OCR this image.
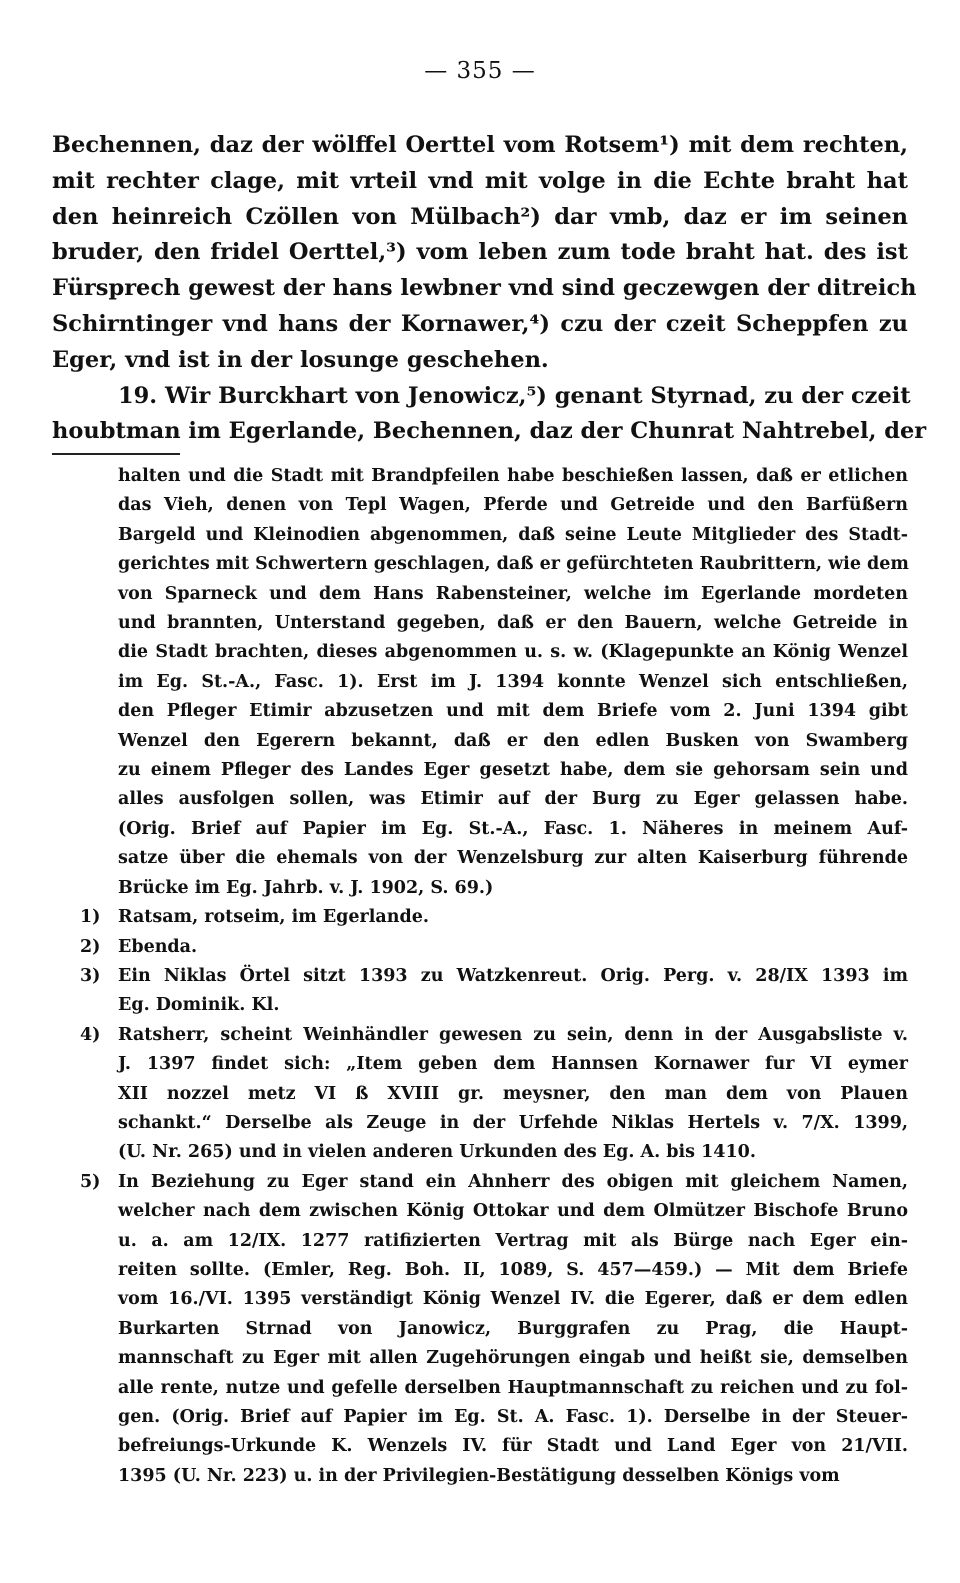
— 355 —
Bechennen, daz der wölffel Oerttel vom Rotsem¹) mit dem rechten,
mit rechter clage, mit vrteil vnd mit volge in die Echte braht hat
den heinreich Czöllen von Mülbach²) dar vmb, daz er im seinen
bruder, den fridel Oerttel,³) vom leben zum tode braht hat. des ist
Fürsprech gewest der hans lewbner vnd sind geczewgen der ditreich
Schirntinger vnd hans der Kornawer,⁴) czu der czeit Scheppfen zu
Eger, vnd ist in der losunge geschehen.
19. Wir Burckhart von Jenowicz,⁵) genant Styrnad, zu der czeit
houbtman im Egerlande, Bechennen, daz der Chunrat Nahtrebel, der
halten und die Stadt mit Brandpfeilen habe beschießen lassen, daß er etlichen
das Vieh, denen von Tepl Wagen, Pferde und Getreide und den Barfüßern
Bargeld und Kleinodien abgenommen, daß seine Leute Mitglieder des Stadt-
gerichtes mit Schwertern geschlagen, daß er gefürchteten Raubrittern, wie dem
von Sparneck und dem Hans Rabensteiner, welche im Egerlande mordeten
und brannten, Unterstand gegeben, daß er den Bauern, welche Getreide in
die Stadt brachten, dieses abgenommen u. s. w. (Klagepunkte an König Wenzel
im Eg. St.-A., Fasc. 1). Erst im J. 1394 konnte Wenzel sich entschließen,
den Pfleger Etimir abzusetzen und mit dem Briefe vom 2. Juni 1394 gibt
Wenzel den Egerern bekannt, daß er den edlen Busken von Swamberg
zu einem Pfleger des Landes Eger gesetzt habe, dem sie gehorsam sein und
alles ausfolgen sollen, was Etimir auf der Burg zu Eger gelassen habe.
(Orig. Brief auf Papier im Eg. St.-A., Fasc. 1. Näheres in meinem Auf-
satze über die ehemals von der Wenzelsburg zur alten Kaiserburg führende
Brücke im Eg. Jahrb. v. J. 1902, S. 69.)
1)	Ratsam, rotseim, im Egerlande.
2)	Ebenda.
3)	Ein Niklas Örtel sitzt 1393 zu Watzkenreut. Orig. Perg. v. 28/IX 1393 im
Eg. Dominik. Kl.
4)	Ratsherr, scheint Weinhändler gewesen zu sein, denn in der Ausgabsliste v.
J. 1397 findet sich: „Item geben dem Hannsen Kornawer fur VI eymer
XII nozzel metz VI ß XVIII gr. meysner, den man dem von Plauen
schankt.“ Derselbe als Zeuge in der Urfehde Niklas Hertels v. 7/X. 1399,
(U. Nr. 265) und in vielen anderen Urkunden des Eg. A. bis 1410.
5)	In Beziehung zu Eger stand ein Ahnherr des obigen mit gleichem Namen,
welcher nach dem zwischen König Ottokar und dem Olmützer Bischofe Bruno
u. a. am 12/IX. 1277 ratifizierten Vertrag mit als Bürge nach Eger ein-
reiten sollte. (Emler, Reg. Boh. II, 1089, S. 457—459.) — Mit dem Briefe
vom 16./VI. 1395 verständigt König Wenzel IV. die Egerer, daß er dem edlen
Burkarten Strnad von Janowicz, Burggrafen zu Prag, die Haupt-
mannschaft zu Eger mit allen Zugehörungen eingab und heißt sie, demselben
alle rente, nutze und gefelle derselben Hauptmannschaft zu reichen und zu fol-
gen. (Orig. Brief auf Papier im Eg. St. A. Fasc. 1). Derselbe in der Steuer-
befreiungs-Urkunde K. Wenzels IV. für Stadt und Land Eger von 21/VII.
1395 (U. Nr. 223) u. in der Privilegien-Bestätigung desselben Königs vom
